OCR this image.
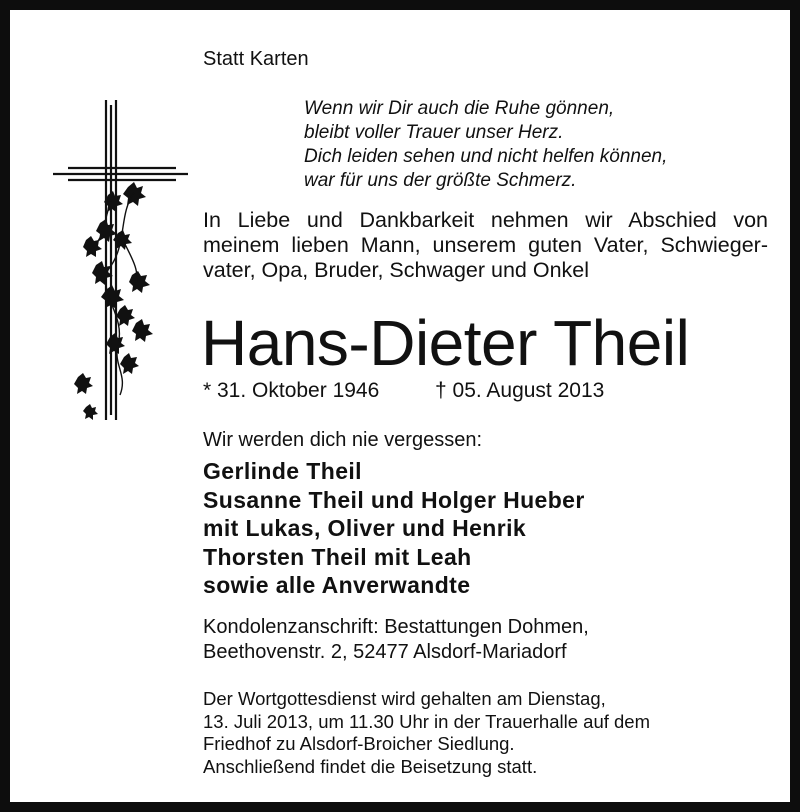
Statt Karten
Wenn wir Dir auch die Ruhe gönnen,
bleibt voller Trauer unser Herz.
Dich leiden sehen und nicht helfen können,
war für uns der größte Schmerz.
In Liebe und Dankbarkeit nehmen wir Abschied von
meinem lieben Mann, unserem guten Vater, Schwieger-
vater, Opa, Bruder, Schwager und Onkel
Hans-Dieter Theil
* 31. Oktober 1946	† 05. August 2013
Wir werden dich nie vergessen:
Gerlinde Theil
Susanne Theil und Holger Hueber
mit Lukas, Oliver und Henrik
Thorsten Theil mit Leah
sowie alle Anverwandte
Kondolenzanschrift: Bestattungen Dohmen,
Beethovenstr. 2, 52477 Alsdorf-Mariadorf
Der Wortgottesdienst wird gehalten am Dienstag,
13. Juli 2013, um 11.30 Uhr in der Trauerhalle auf dem
Friedhof zu Alsdorf-Broicher Siedlung.
Anschließend findet die Beisetzung statt.
